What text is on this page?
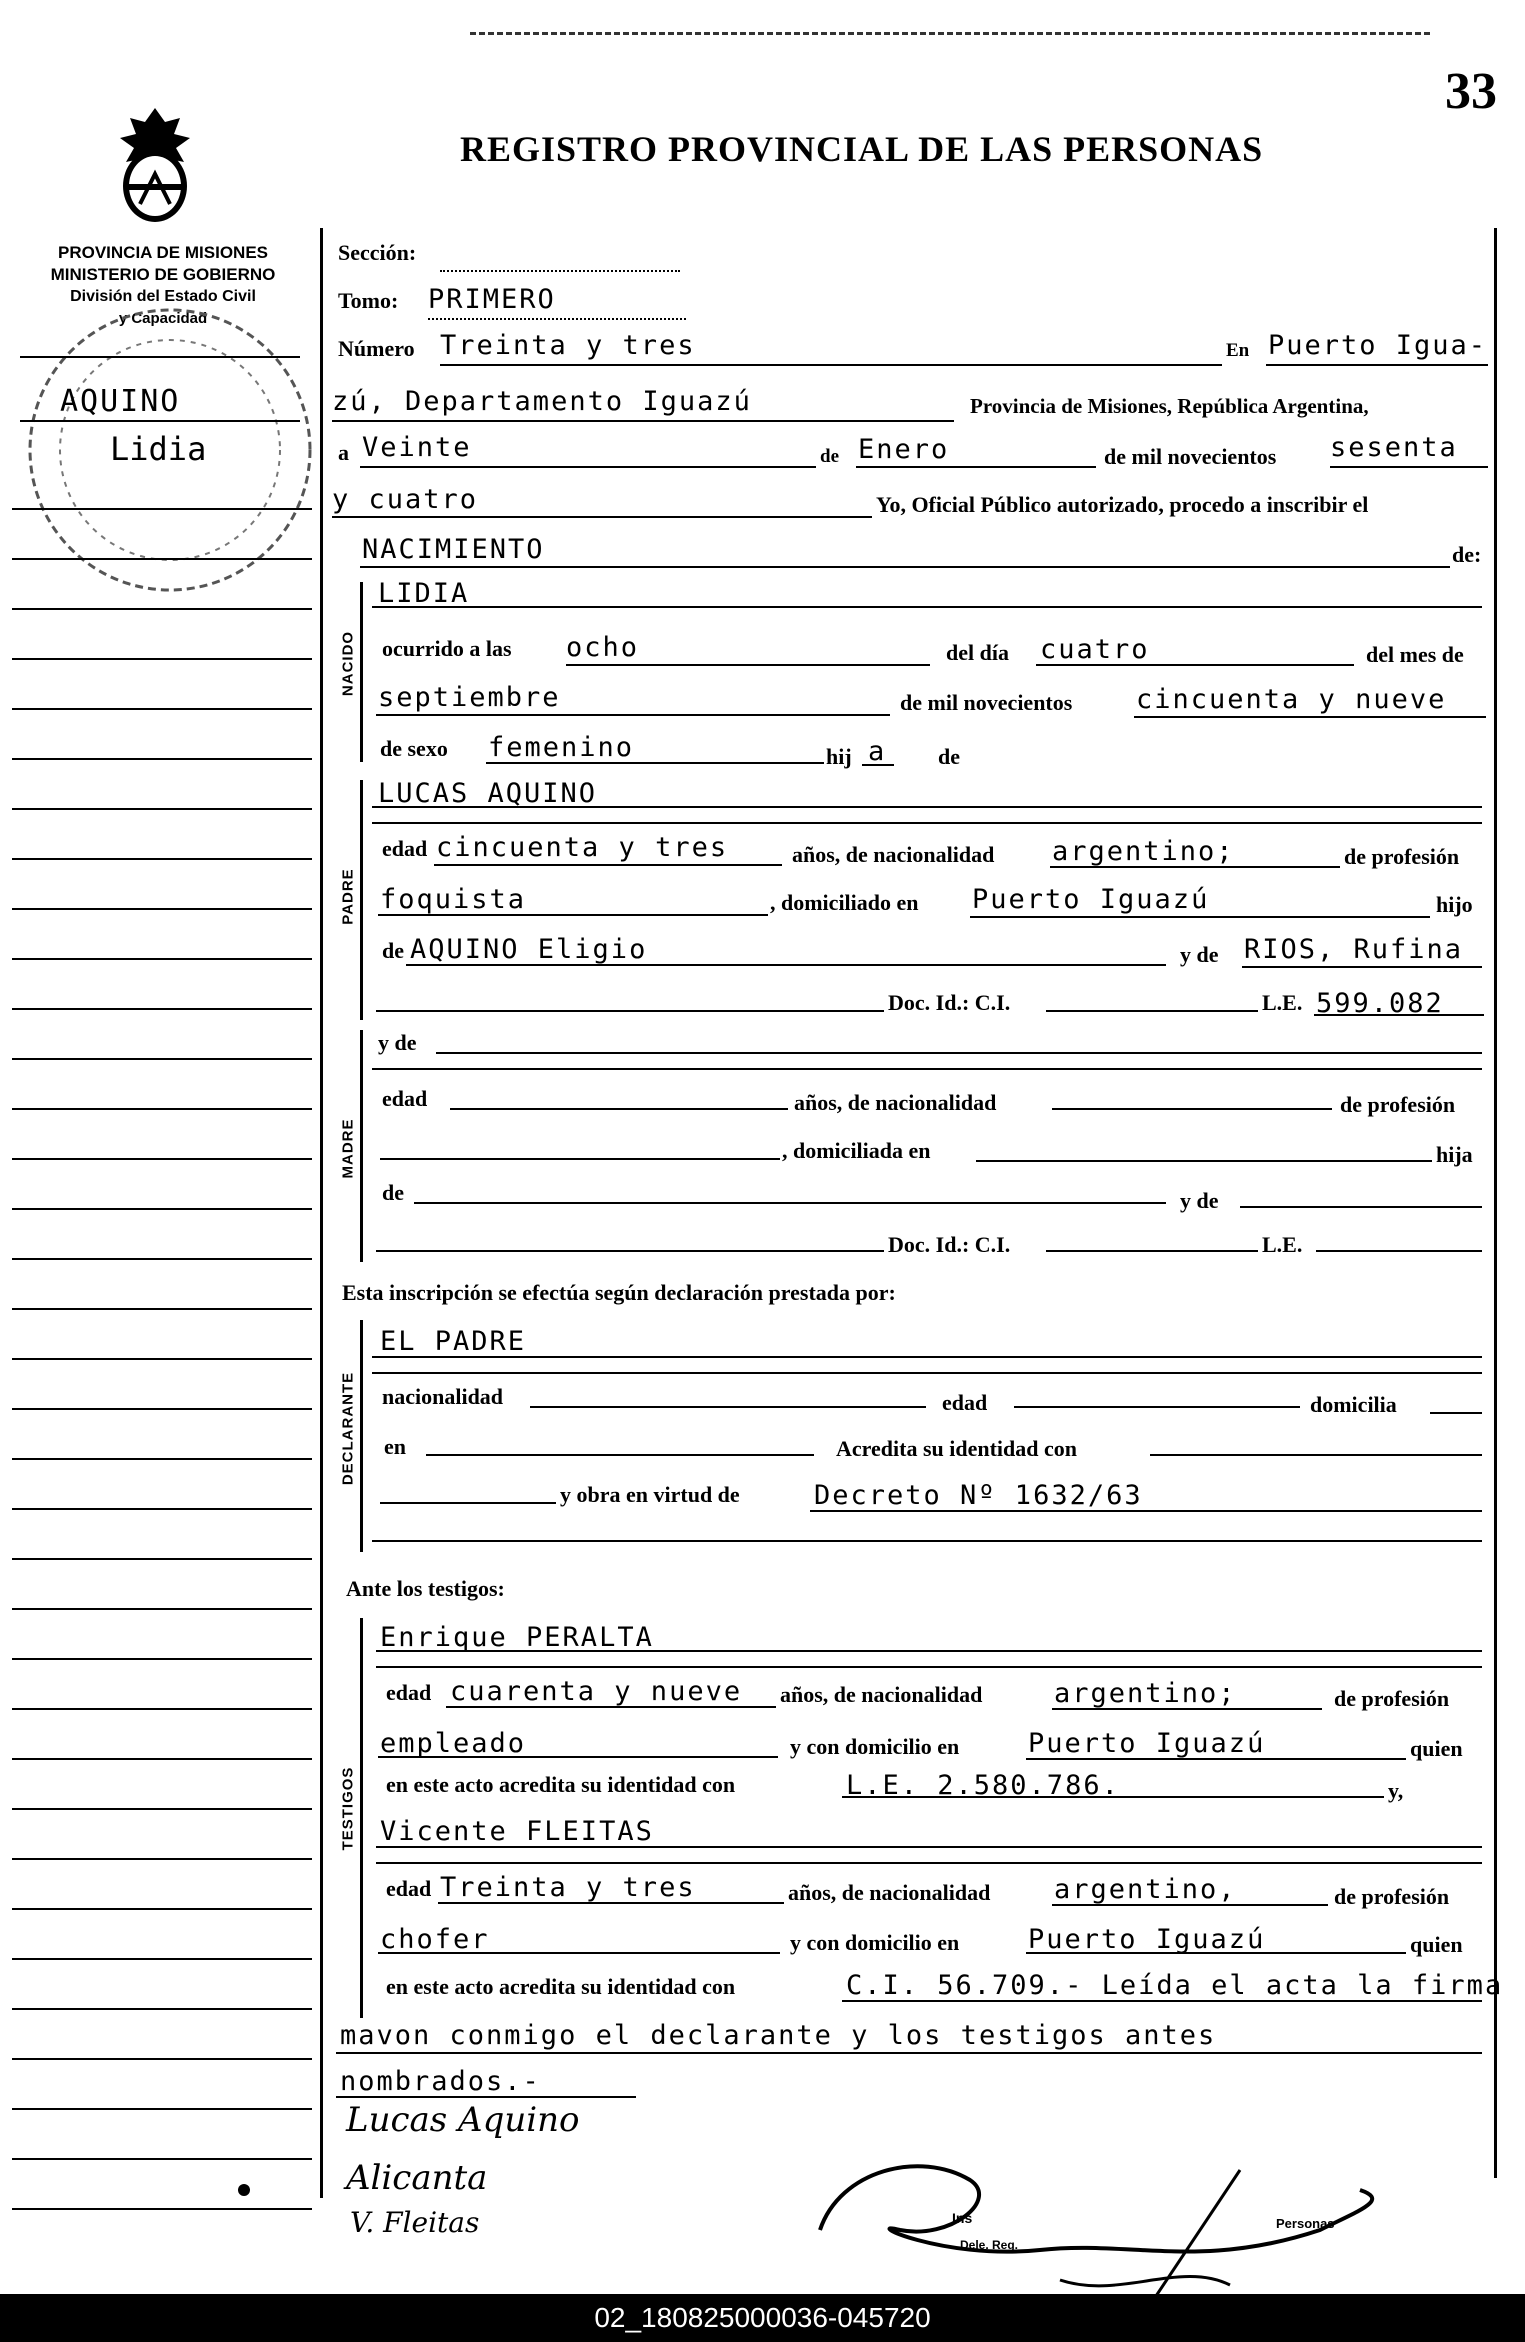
33
REGISTRO PROVINCIAL DE LAS PERSONAS
PROVINCIA DE MISIONES
MINISTERIO DE GOBIERNO
División del Estado Civil
y Capacidad
AQUINO
Lidia
Sección:
Tomo: PRIMERO
Número Treinta y tres	En Puerto Igua-
zú, Departamento Iguazú	Provincia de Misiones, República Argentina,
a Veinte	de Enero	de mil novecientos sesenta
y cuatro	Yo, Oficial Público autorizado, procedo a inscribir el
NACIMIENTO	de:
NACIDO
LIDIA
ocurrido a las ocho	del día cuatro	del mes de
septiembre	de mil novecientos cincuenta y nueve
de sexo femenino	hij a de
PADRE
LUCAS AQUINO
edad cincuenta y tres	años, de nacionalidad argentino;	de profesión
foquista	, domiciliado en Puerto Iguazú	hijo
de AQUINO Eligio	y de RIOS, Rufina
Doc. Id.: C.I.	L.E. 599.082
MADRE
y de
edad	años, de nacionalidad	de profesión
, domiciliada en	hija
de	y de
Doc. Id.: C.I.	L.E.
Esta inscripción se efectúa según declaración prestada por:
DECLARANTE
EL PADRE
nacionalidad	edad	domicilia
en	Acredita su identidad con
y obra en virtud de	Decreto Nº 1632/63
Ante los testigos:
TESTIGOS
Enrique PERALTA
edad cuarenta y nueve años, de nacionalidad	argentino;	de profesión
empleado	y con domicilio en	Puerto Iguazú	quien
en este acto acredita su identidad con	L.E. 2.580.786.	y,
Vicente FLEITAS
edad Treinta y tres	años, de nacionalidad argentino,	de profesión
chofer	y con domicilio en	Puerto Iguazú	quien
en este acto acredita su identidad con	C.I. 56.709.- Leída el acta la firma
mavon conmigo el declarante y los testigos antes
nombrados.-
Lucas Aquino
Alicanta
V. Fleitas	Ins	Personas
Dele. Reg.
02_180825000036-045720
